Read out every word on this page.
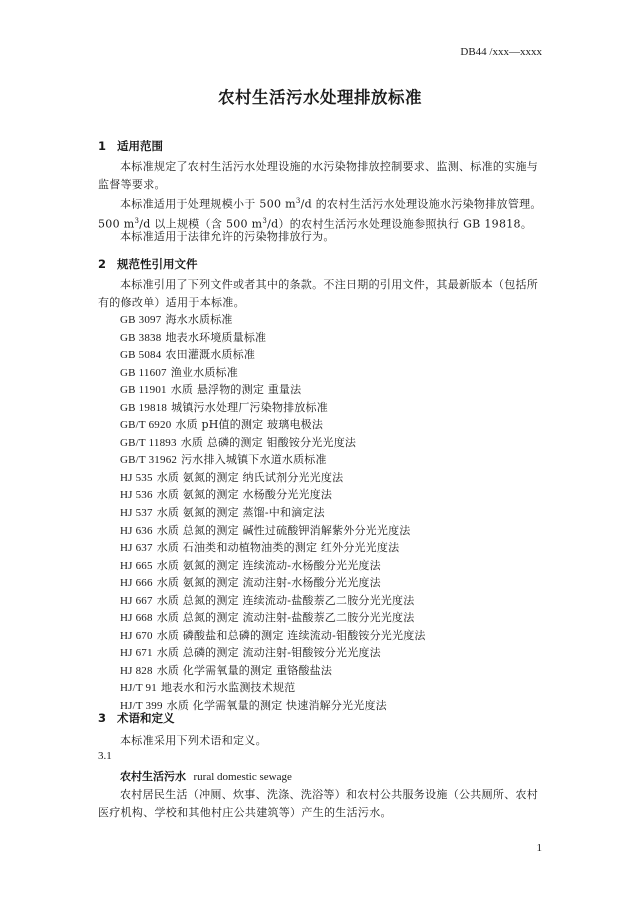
DB44 /xxx—xxxx
农村生活污水处理排放标准
1 适用范围
本标准规定了农村生活污水处理设施的水污染物排放控制要求、监测、标准的实施与监督等要求。
本标准适用于处理规模小于 500 $m^3/d$ 的农村生活污水处理设施水污染物排放管理。500 $m^3/d$ 以上规模（含 500 $m^3/d$）的农村生活污水处理设施参照执行 GB 19818。
本标准适用于法律允许的污染物排放行为。
2 规范性引用文件
本标准引用了下列文件或者其中的条款。不注日期的引用文件，其最新版本（包括所有的修改单）适用于本标准。
GB 3097 海水水质标准
GB 3838 地表水环境质量标准
GB 5084 农田灌溉水质标准
GB 11607 渔业水质标准
GB 11901 水质 悬浮物的测定 重量法
GB 19818 城镇污水处理厂污染物排放标准
GB/T 6920 水质 pH值的测定 玻璃电极法
GB/T 11893 水质 总磷的测定 钼酸铵分光光度法
GB/T 31962 污水排入城镇下水道水质标准
HJ 535 水质 氨氮的测定 纳氏试剂分光光度法
HJ 536 水质 氨氮的测定 水杨酸分光光度法
HJ 537 水质 氨氮的测定 蒸馏-中和滴定法
HJ 636 水质 总氮的测定 碱性过硫酸钾消解紫外分光光度法
HJ 637 水质 石油类和动植物油类的测定 红外分光光度法
HJ 665 水质 氨氮的测定 连续流动-水杨酸分光光度法
HJ 666 水质 氨氮的测定 流动注射-水杨酸分光光度法
HJ 667 水质 总氮的测定 连续流动-盐酸萘乙二胺分光光度法
HJ 668 水质 总氮的测定 流动注射-盐酸萘乙二胺分光光度法
HJ 670 水质 磷酸盐和总磷的测定 连续流动-钼酸铵分光光度法
HJ 671 水质 总磷的测定 流动注射-钼酸铵分光光度法
HJ 828 水质 化学需氧量的测定 重铬酸盐法
HJ/T 91 地表水和污水监测技术规范
HJ/T 399 水质 化学需氧量的测定 快速消解分光光度法
3 术语和定义
本标准采用下列术语和定义。
3.1
农村生活污水 rural domestic sewage
农村居民生活（冲厕、炊事、洗涤、洗浴等）和农村公共服务设施（公共厕所、农村医疗机构、学校和其他村庄公共建筑等）产生的生活污水。
1
